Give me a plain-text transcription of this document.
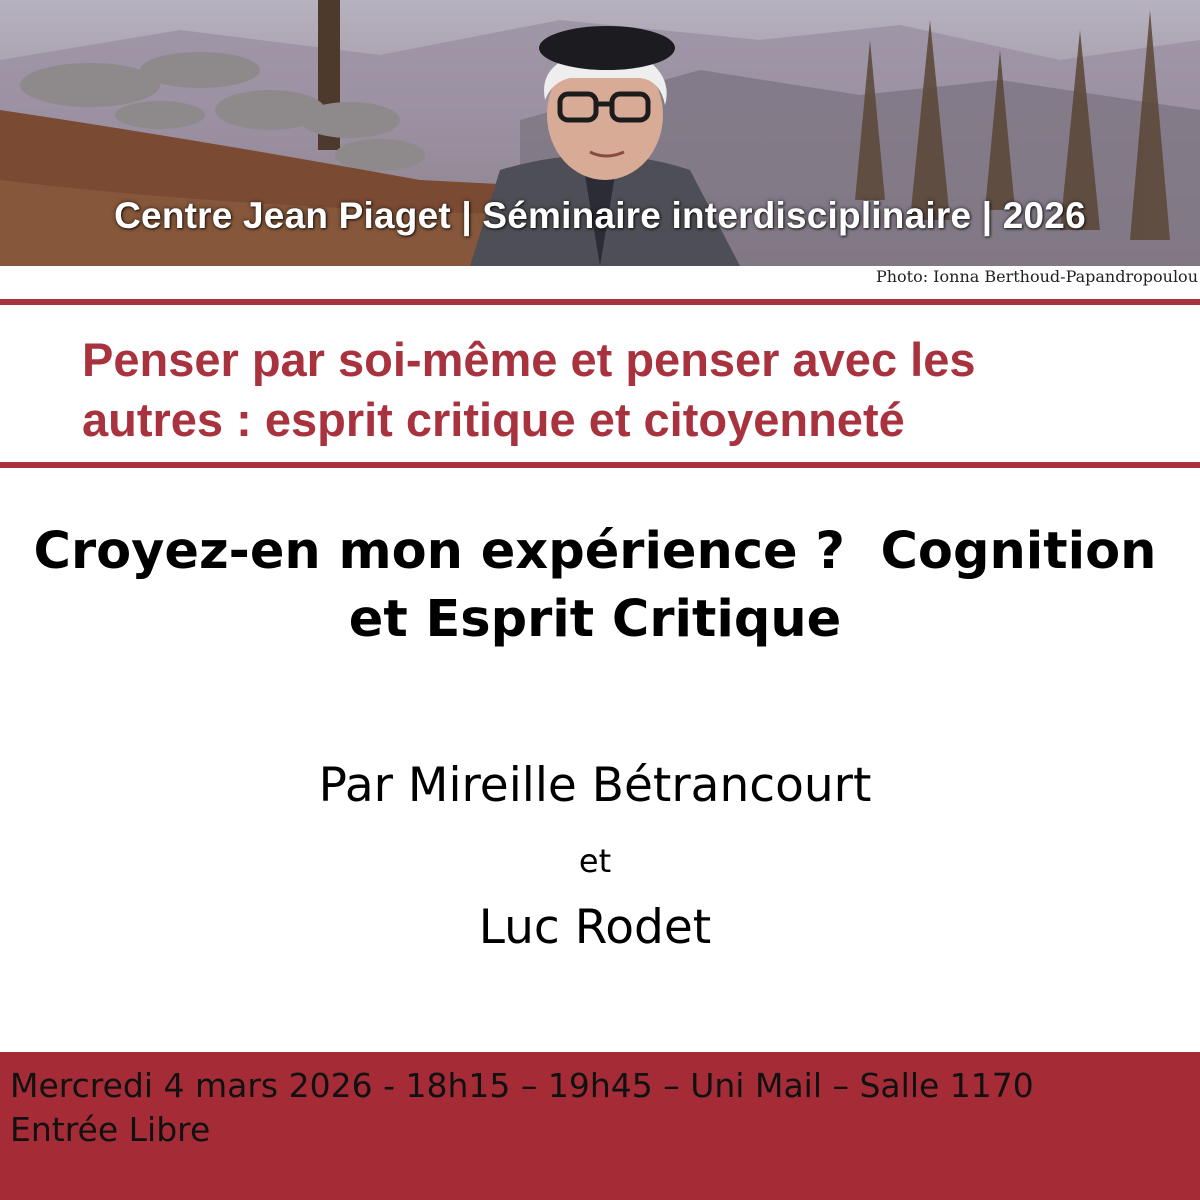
Centre Jean Piaget | Séminaire interdisciplinaire | 2026
Photo: Ionna Berthoud-Papandropoulou
Penser par soi-même et penser avec les
autres : esprit critique et citoyenneté
Croyez-en mon expérience ?  Cognition
et Esprit Critique
Par Mireille Bétrancourt
et
Luc Rodet
Mercredi 4 mars 2026 - 18h15 – 19h45 – Uni Mail – Salle 1170
Entrée Libre
